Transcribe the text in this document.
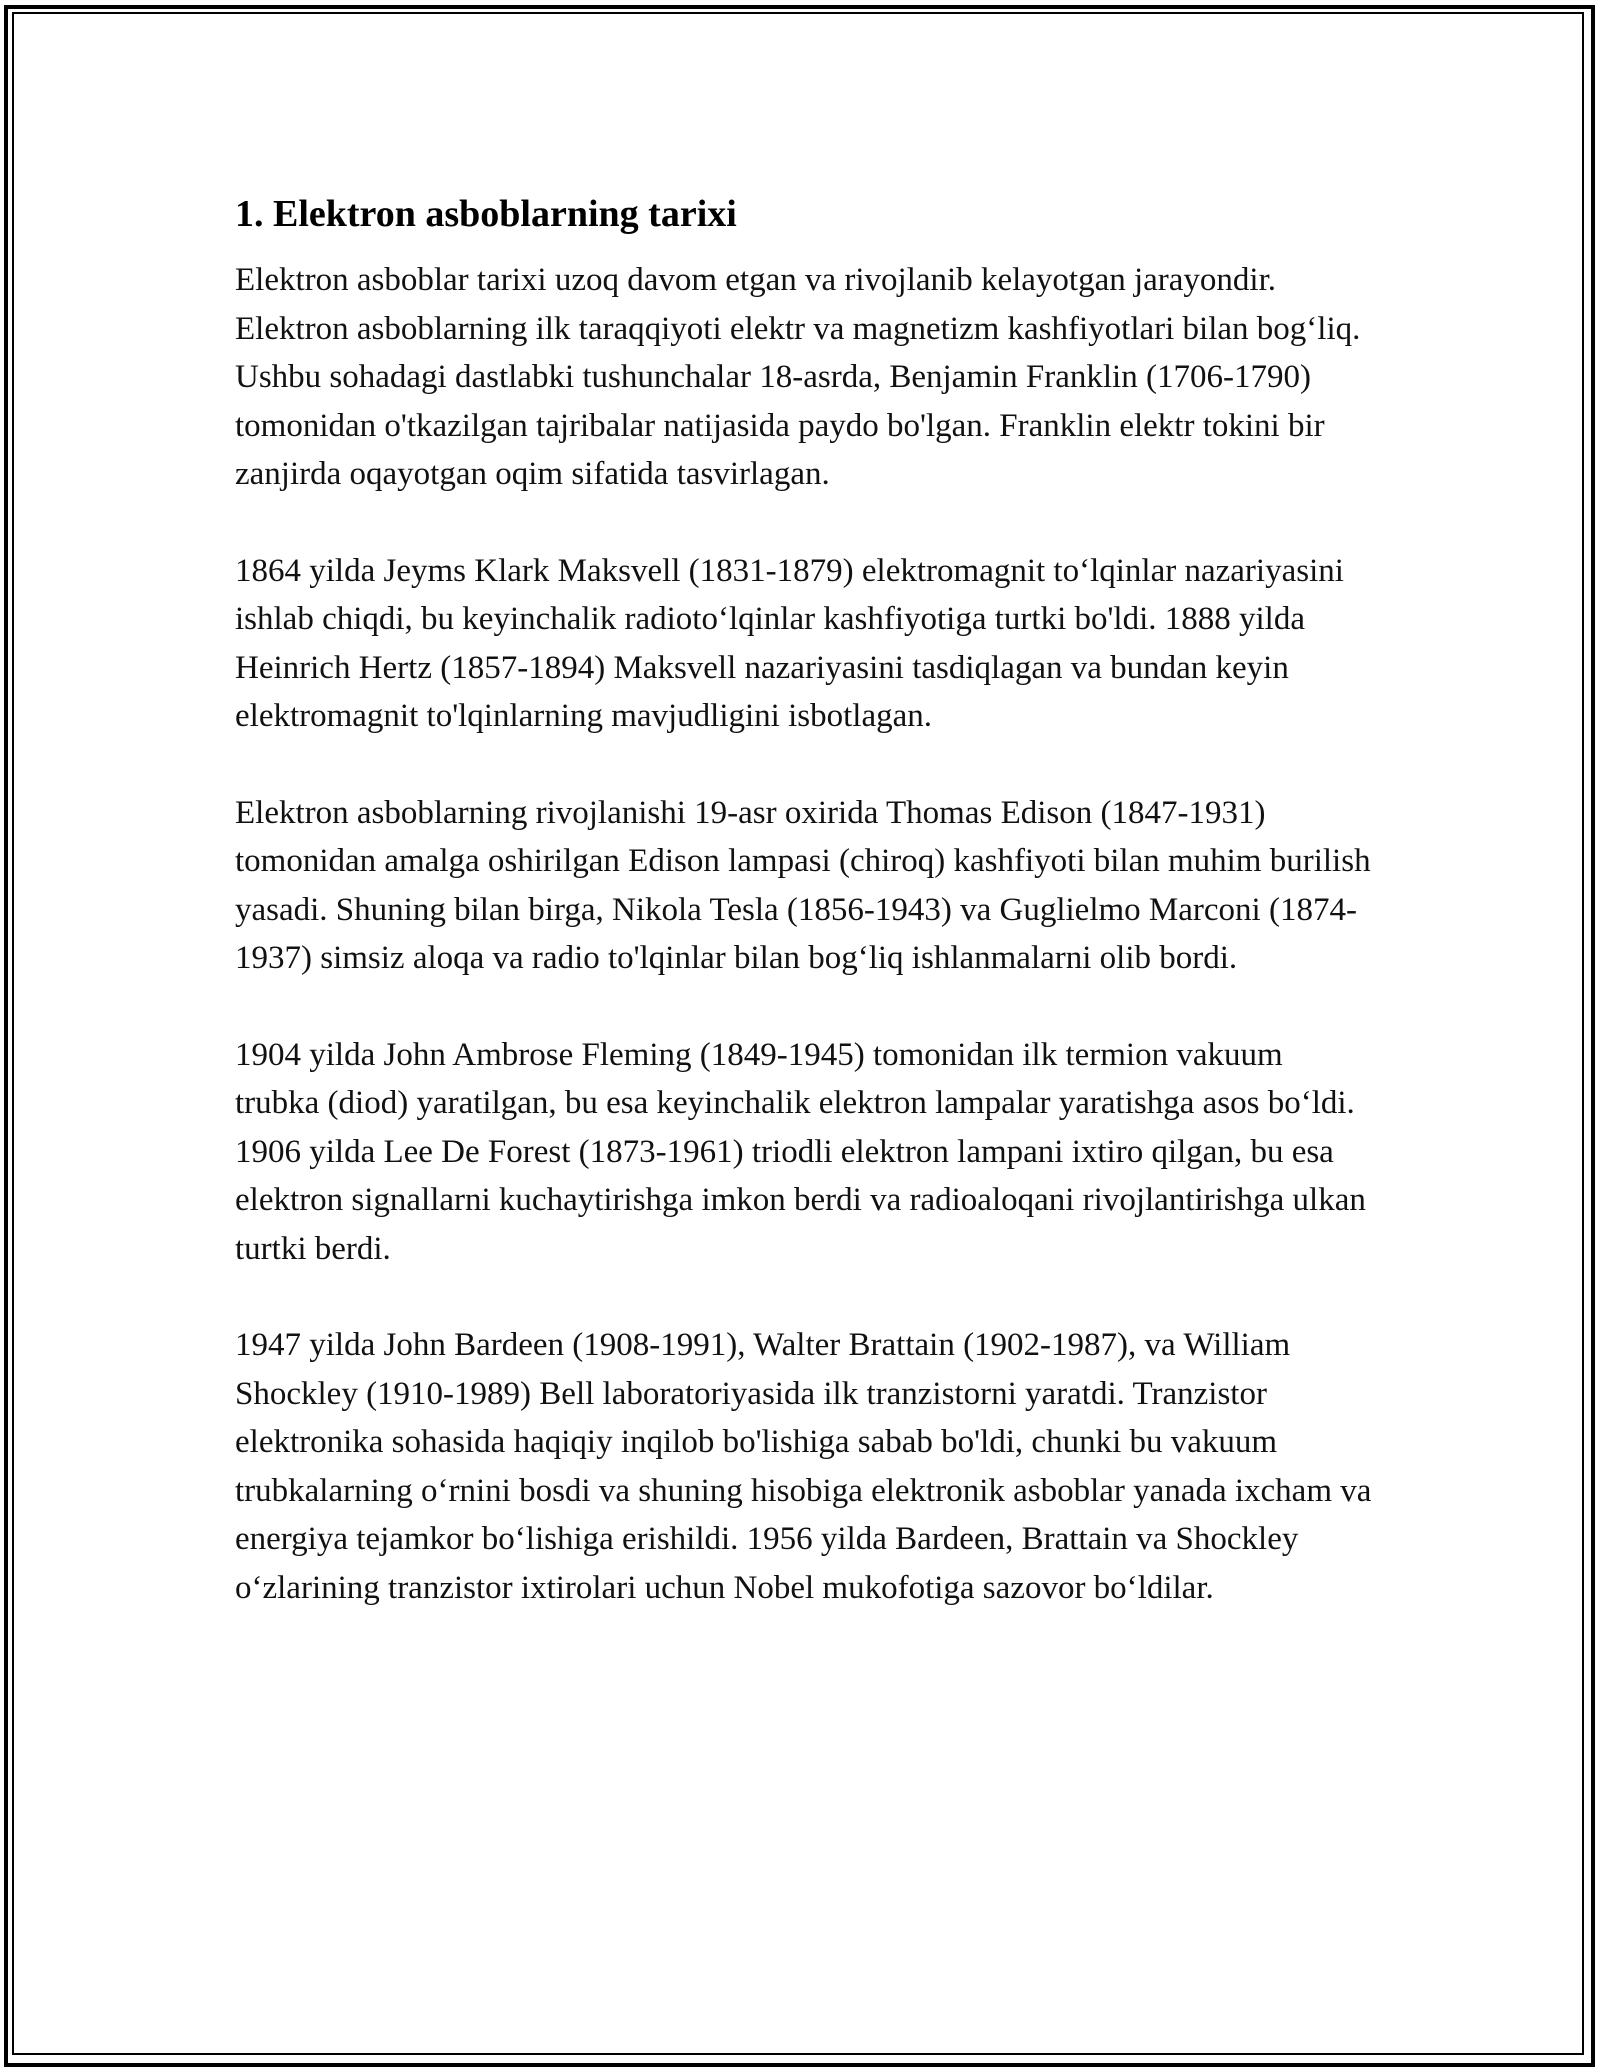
1. Elektron asboblarning tarixi

Elektron asboblar tarixi uzoq davom etgan va rivojlanib kelayotgan jarayondir. Elektron asboblarning ilk taraqqiyoti elektr va magnetizm kashfiyotlari bilan bog‘liq. Ushbu sohadagi dastlabki tushunchalar 18-asrda, Benjamin Franklin (1706-1790) tomonidan o'tkazilgan tajribalar natijasida paydo bo'lgan. Franklin elektr tokini bir zanjirda oqayotgan oqim sifatida tasvirlagan.

1864 yilda Jeyms Klark Maksvell (1831-1879) elektromagnit to‘lqinlar nazariyasini ishlab chiqdi, bu keyinchalik radioto‘lqinlar kashfiyotiga turtki bo'ldi. 1888 yilda Heinrich Hertz (1857-1894) Maksvell nazariyasini tasdiqlagan va bundan keyin elektromagnit to'lqinlarning mavjudligini isbotlagan.

Elektron asboblarning rivojlanishi 19-asr oxirida Thomas Edison (1847-1931) tomonidan amalga oshirilgan Edison lampasi (chiroq) kashfiyoti bilan muhim burilish yasadi. Shuning bilan birga, Nikola Tesla (1856-1943) va Guglielmo Marconi (1874-1937) simsiz aloqa va radio to'lqinlar bilan bog‘liq ishlanmalarni olib bordi.

1904 yilda John Ambrose Fleming (1849-1945) tomonidan ilk termion vakuum trubka (diod) yaratilgan, bu esa keyinchalik elektron lampalar yaratishga asos bo‘ldi. 1906 yilda Lee De Forest (1873-1961) triodli elektron lampani ixtiro qilgan, bu esa elektron signallarni kuchaytirishga imkon berdi va radioaloqani rivojlantirishga ulkan turtki berdi.

1947 yilda John Bardeen (1908-1991), Walter Brattain (1902-1987), va William Shockley (1910-1989) Bell laboratoriyasida ilk tranzistorni yaratdi. Tranzistor elektronika sohasida haqiqiy inqilob bo'lishiga sabab bo'ldi, chunki bu vakuum trubkalarning o‘rnini bosdi va shuning hisobiga elektronik asboblar yanada ixcham va energiya tejamkor bo‘lishiga erishildi. 1956 yilda Bardeen, Brattain va Shockley o‘zlarining tranzistor ixtirolari uchun Nobel mukofotiga sazovor bo‘ldilar.
